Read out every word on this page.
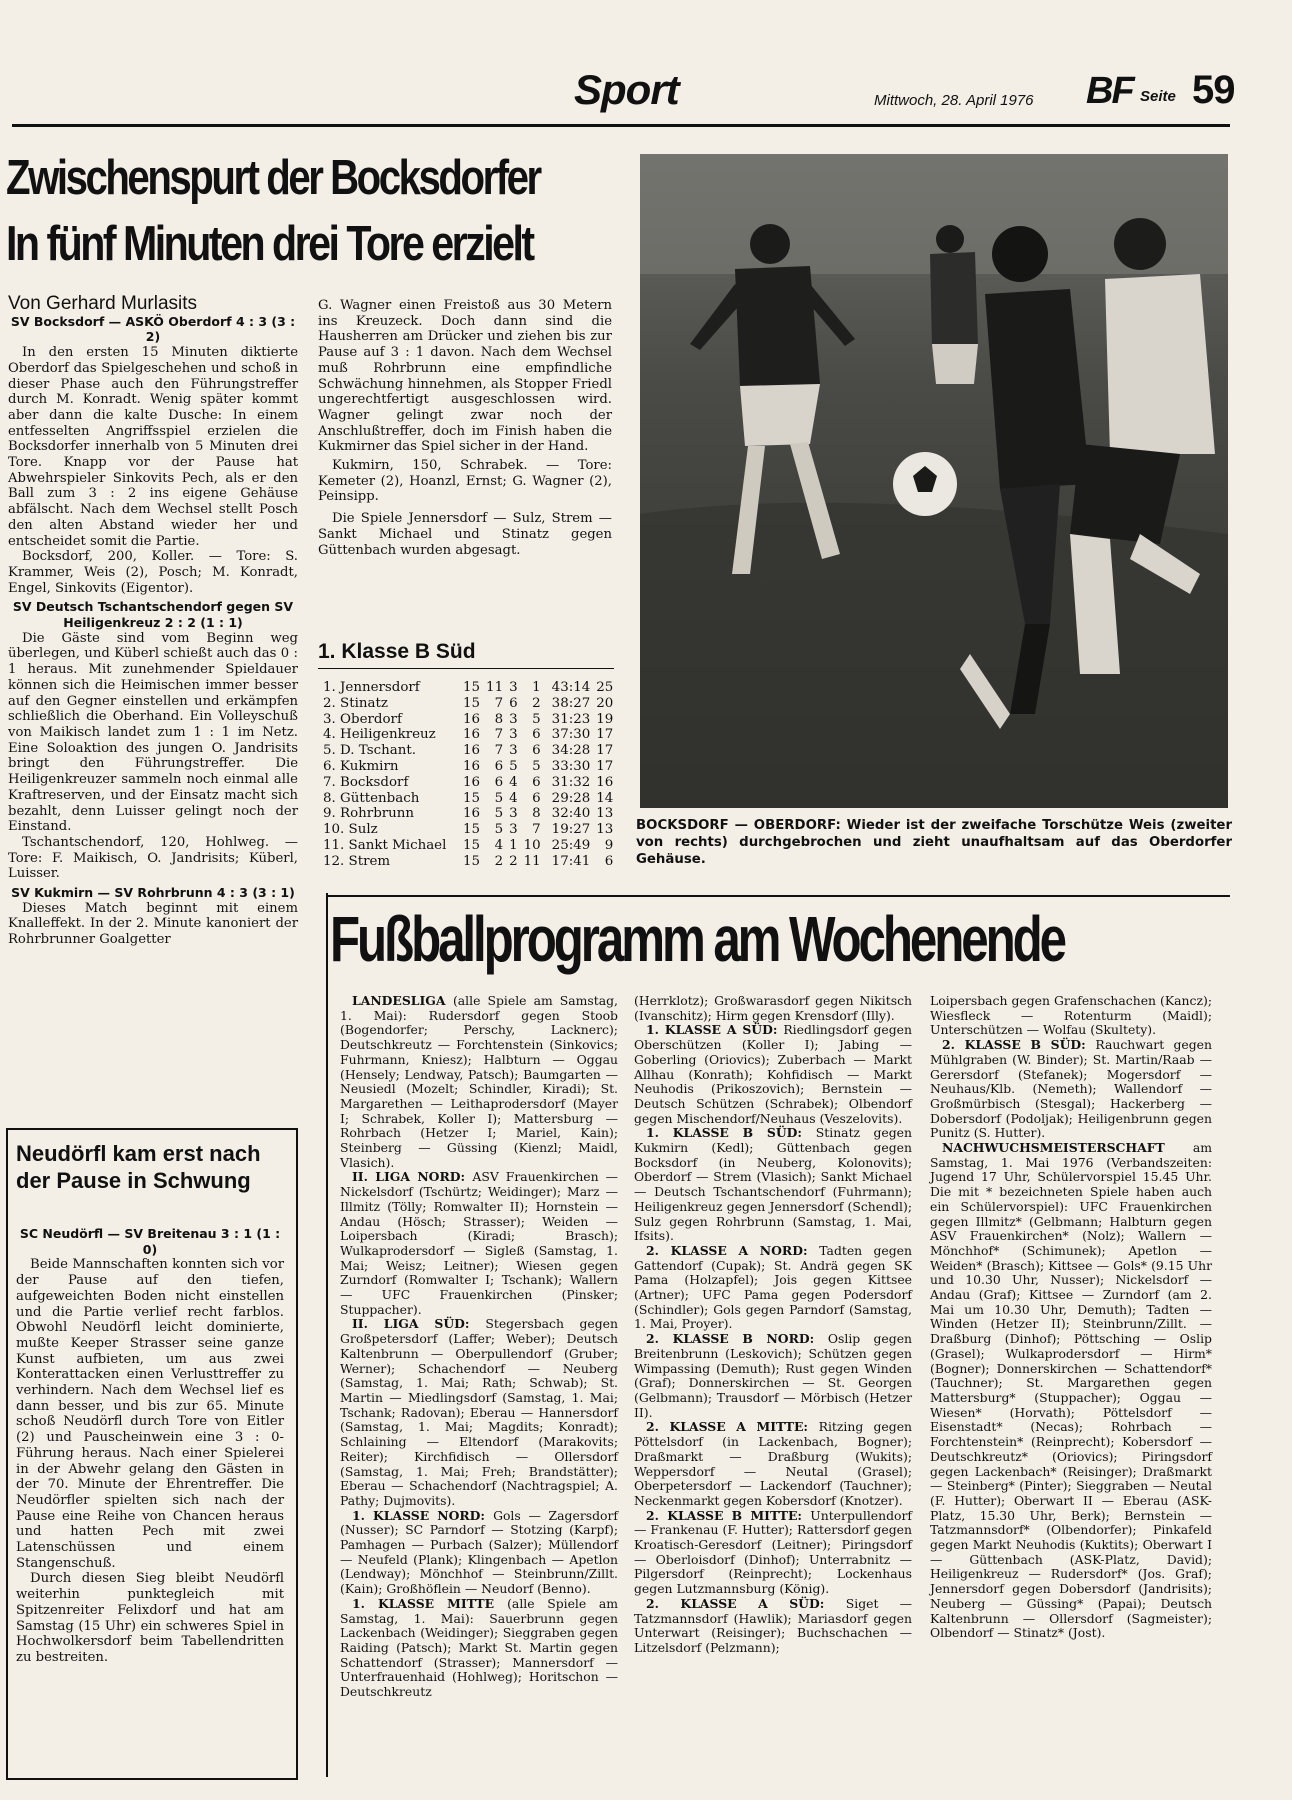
Sport	Mittwoch, 28. April 1976 BF Seite 59
Zwischenspurt der Bocksdorfer
In fünf Minuten drei Tore erzielt
Von Gerhard Murlasits
SV Bocksdorf — ASKÖ Oberdorf 4 : 3 (3 : 2)

In den ersten 15 Minuten diktierte Oberdorf das Spielgeschehen und schoß in dieser Phase auch den Führungstreffer durch M. Konradt. Wenig später kommt aber dann die kalte Dusche: In einem entfesselten Angriffsspiel erzielen die Bocksdorfer innerhalb von 5 Minuten drei Tore. Knapp vor der Pause hat Abwehrspieler Sinkovits Pech, als er den Ball zum 3 : 2 ins eigene Gehäuse abfälscht. Nach dem Wechsel stellt Posch den alten Abstand wieder her und entscheidet somit die Partie.

Bocksdorf, 200, Koller. — Tore: S. Krammer, Weis (2), Posch; M. Konradt, Engel, Sinkovits (Eigentor).

SV Deutsch Tschantschendorf gegen SV Heiligenkreuz 2 : 2 (1 : 1)

Die Gäste sind vom Beginn weg überlegen, und Küberl schießt auch das 0 : 1 heraus. Mit zunehmender Spieldauer können sich die Heimischen immer besser auf den Gegner einstellen und erkämpfen schließlich die Oberhand. Ein Volleyschuß von Maikisch landet zum 1 : 1 im Netz. Eine Soloaktion des jungen O. Jandrisits bringt den Führungstreffer. Die Heiligenkreuzer sammeln noch einmal alle Kraftreserven, und der Einsatz macht sich bezahlt, denn Luisser gelingt noch der Einstand.

Tschantschendorf, 120, Hohlweg. — Tore: F. Maikisch, O. Jandrisits; Küberl, Luisser.

SV Kukmirn — SV Rohrbrunn 4 : 3 (3 : 1)

Dieses Match beginnt mit einem Knalleffekt. In der 2. Minute kanoniert der Rohrbrunner Goalgetter

G. Wagner einen Freistoß aus 30 Metern ins Kreuzeck. Doch dann sind die Hausherren am Drücker und ziehen bis zur Pause auf 3 : 1 davon. Nach dem Wechsel muß Rohrbrunn eine empfindliche Schwächung hinnehmen, als Stopper Friedl ungerechtfertigt ausgeschlossen wird. Wagner gelingt zwar noch der Anschlußtreffer, doch im Finish haben die Kukmirner das Spiel sicher in der Hand.

Kukmirn, 150, Schrabek. — Tore: Kemeter (2), Hoanzl, Ernst; G. Wagner (2), Peinsipp.

Die Spiele Jennersdorf — Sulz, Strem — Sankt Michael und Stinatz gegen Güttenbach wurden abgesagt.

1. Klasse B Süd
1. Jennersdorf	15	11	3	1	43:14	25
2. Stinatz	15	7	6	2	38:27	20
3. Oberdorf	16	8	3	5	31:23	19
4. Heiligenkreuz	16	7	3	6	37:30	17
5. D. Tschant.	16	7	3	6	34:28	17
6. Kukmirn	16	6	5	5	33:30	17
7. Bocksdorf	16	6	4	6	31:32	16
8. Güttenbach	15	5	4	6	29:28	14
9. Rohrbrunn	16	5	3	8	32:40	13
10. Sulz	15	5	3	7	19:27	13
11. Sankt Michael	15	4	1	10	25:49	9
12. Strem	15	2	2	11	17:41	6
BOCKSDORF — OBERDORF: Wieder ist der zweifache Torschütze Weis (zweiter von rechts) durchgebrochen und zieht unaufhaltsam auf das Oberdorfer Gehäuse.
Neudörfl kam erst nach der Pause in Schwung
SC Neudörfl — SV Breitenau 3 : 1 (1 : 0)

Beide Mannschaften konnten sich vor der Pause auf den tiefen, aufgeweichten Boden nicht einstellen und die Partie verlief recht farblos. Obwohl Neudörfl leicht dominierte, mußte Keeper Strasser seine ganze Kunst aufbieten, um aus zwei Konterattacken einen Verlusttreffer zu verhindern. Nach dem Wechsel lief es dann besser, und bis zur 65. Minute schoß Neudörfl durch Tore von Eitler (2) und Pauscheinwein eine 3 : 0-Führung heraus. Nach einer Spielerei in der Abwehr gelang den Gästen in der 70. Minute der Ehrentreffer. Die Neudörfler spielten sich nach der Pause eine Reihe von Chancen heraus und hatten Pech mit zwei Latenschüssen und einem Stangenschuß.

Durch diesen Sieg bleibt Neudörfl weiterhin punktegleich mit Spitzenreiter Felixdorf und hat am Samstag (15 Uhr) ein schweres Spiel in Hochwolkersdorf beim Tabellendritten zu bestreiten.

Fußballprogramm am Wochenende

LANDESLIGA (alle Spiele am Samstag, 1. Mai): Rudersdorf gegen Stoob (Bogendorfer; Perschy, Lacknerc); Deutschkreutz — Forchtenstein (Sinkovics; Fuhrmann, Kniesz); Halbturn — Oggau (Hensely; Lendway, Patsch); Baumgarten — Neusiedl (Mozelt; Schindler, Kiradi); St. Margarethen — Leithaprodersdorf (Mayer I; Schrabek, Koller I); Mattersburg — Rohrbach (Hetzer I; Mariel, Kain); Steinberg — Güssing (Kienzl; Maidl, Vlasich).

II. LIGA NORD: ASV Frauenkirchen — Nickelsdorf (Tschürtz; Weidinger); Marz — Illmitz (Tölly; Romwalter II); Hornstein — Andau (Hösch; Strasser); Weiden — Loipersbach (Kiradi; Brasch); Wulkaprodersdorf — Sigleß (Samstag, 1. Mai; Weisz; Leitner); Wiesen gegen Zurndorf (Romwalter I; Tschank); Wallern — UFC Frauenkirchen (Pinsker; Stuppacher).

II. LIGA SÜD: Stegersbach gegen Großpetersdorf (Laffer; Weber); Deutsch Kaltenbrunn — Oberpullendorf (Gruber; Werner); Schachendorf — Neuberg (Samstag, 1. Mai; Rath; Schwab); St. Martin — Miedlingsdorf (Samstag, 1. Mai; Tschank; Radovan); Eberau — Hannersdorf (Samstag, 1. Mai; Magdits; Konradt); Schlaining — Eltendorf (Marakovits; Reiter); Kirchfidisch — Ollersdorf (Samstag, 1. Mai; Freh; Brandstätter); Eberau — Schachendorf (Nachtragspiel; A. Pathy; Dujmovits).

1. KLASSE NORD: Gols — Zagersdorf (Nusser); SC Parndorf — Stotzing (Karpf); Pamhagen — Purbach (Salzer); Müllendorf — Neufeld (Plank); Klingenbach — Apetlon (Lendway); Mönchhof — Steinbrunn/Zillt. (Kain); Großhöflein — Neudorf (Benno).

1. KLASSE MITTE (alle Spiele am Samstag, 1. Mai): Sauerbrunn gegen Lackenbach (Weidinger); Sieggraben gegen Raiding (Patsch); Markt St. Martin gegen Schattendorf (Strasser); Mannersdorf — Unterfrauenhaid (Hohlweg); Horitschon — Deutschkreutz

(Herrklotz); Großwarasdorf gegen Nikitsch (Ivanschitz); Hirm gegen Krensdorf (Illy).

1. KLASSE A SÜD: Riedlingsdorf gegen Oberschützen (Koller I); Jabing — Goberling (Oriovics); Zuberbach — Markt Allhau (Konrath); Kohfidisch — Markt Neuhodis (Prikoszovich); Bernstein — Deutsch Schützen (Schrabek); Olbendorf gegen Mischendorf/Neuhaus (Veszelovits).

1. KLASSE B SÜD: Stinatz gegen Kukmirn (Kedl); Güttenbach gegen Bocksdorf (in Neuberg, Kolonovits); Oberdorf — Strem (Vlasich); Sankt Michael — Deutsch Tschantschendorf (Fuhrmann); Heiligenkreuz gegen Jennersdorf (Schendl); Sulz gegen Rohrbrunn (Samstag, 1. Mai, Ifsits).

2. KLASSE A NORD: Tadten gegen Gattendorf (Cupak); St. Andrä gegen SK Pama (Holzapfel); Jois gegen Kittsee (Artner); UFC Pama gegen Podersdorf (Schindler); Gols gegen Parndorf (Samstag, 1. Mai, Proyer).

2. KLASSE B NORD: Oslip gegen Breitenbrunn (Leskovich); Schützen gegen Wimpassing (Demuth); Rust gegen Winden (Graf); Donnerskirchen — St. Georgen (Gelbmann); Trausdorf — Mörbisch (Hetzer II).

2. KLASSE A MITTE: Ritzing gegen Pöttelsdorf (in Lackenbach, Bogner); Draßmarkt — Draßburg (Wukits); Weppersdorf — Neutal (Grasel); Oberpetersdorf — Lackendorf (Tauchner); Neckenmarkt gegen Kobersdorf (Knotzer).

2. KLASSE B MITTE: Unterpullendorf — Frankenau (F. Hutter); Rattersdorf gegen Kroatisch-Geresdorf (Leitner); Piringsdorf — Oberloisdorf (Dinhof); Unterrabnitz — Pilgersdorf (Reinprecht); Lockenhaus gegen Lutzmannsburg (König).

2. KLASSE A SÜD: Siget — Tatzmannsdorf (Hawlik); Mariasdorf gegen Unterwart (Reisinger); Buchschachen — Litzelsdorf (Pelzmann);

Loipersbach gegen Grafenschachen (Kancz); Wiesfleck — Rotenturm (Maidl); Unterschützen — Wolfau (Skultety).

2. KLASSE B SÜD: Rauchwart gegen Mühlgraben (W. Binder); St. Martin/Raab — Gerersdorf (Stefanek); Mogersdorf — Neuhaus/Klb. (Nemeth); Wallendorf — Großmürbisch (Stesgal); Hackerberg — Dobersdorf (Podoljak); Heiligenbrunn gegen Punitz (S. Hutter).

NACHWUCHSMEISTERSCHAFT am Samstag, 1. Mai 1976 (Verbandszeiten: Jugend 17 Uhr, Schülervorspiel 15.45 Uhr. Die mit * bezeichneten Spiele haben auch ein Schülervorspiel): UFC Frauenkirchen gegen Illmitz* (Gelbmann; Halbturn gegen ASV Frauenkirchen* (Nolz); Wallern — Mönchhof* (Schimunek); Apetlon — Weiden* (Brasch); Kittsee — Gols* (9.15 Uhr und 10.30 Uhr, Nusser); Nickelsdorf — Andau (Graf); Kittsee — Zurndorf (am 2. Mai um 10.30 Uhr, Demuth); Tadten — Winden (Hetzer II); Steinbrunn/Zillt. — Draßburg (Dinhof); Pöttsching — Oslip (Grasel); Wulkaprodersdorf — Hirm* (Bogner); Donnerskirchen — Schattendorf* (Tauchner); St. Margarethen gegen Mattersburg* (Stuppacher); Oggau — Wiesen* (Horvath); Pöttelsdorf — Eisenstadt* (Necas); Rohrbach — Forchtenstein* (Reinprecht); Kobersdorf — Deutschkreutz* (Oriovics); Piringsdorf gegen Lackenbach* (Reisinger); Draßmarkt — Steinberg* (Pinter); Sieggraben — Neutal (F. Hutter); Oberwart II — Eberau (ASK-Platz, 15.30 Uhr, Berk); Bernstein — Tatzmannsdorf* (Olbendorfer); Pinkafeld gegen Markt Neuhodis (Kuktits); Oberwart I — Güttenbach (ASK-Platz, David); Heiligenkreuz — Rudersdorf* (Jos. Graf); Jennersdorf gegen Dobersdorf (Jandrisits); Neuberg — Güssing* (Papai); Deutsch Kaltenbrunn — Ollersdorf (Sagmeister); Olbendorf — Stinatz* (Jost).
